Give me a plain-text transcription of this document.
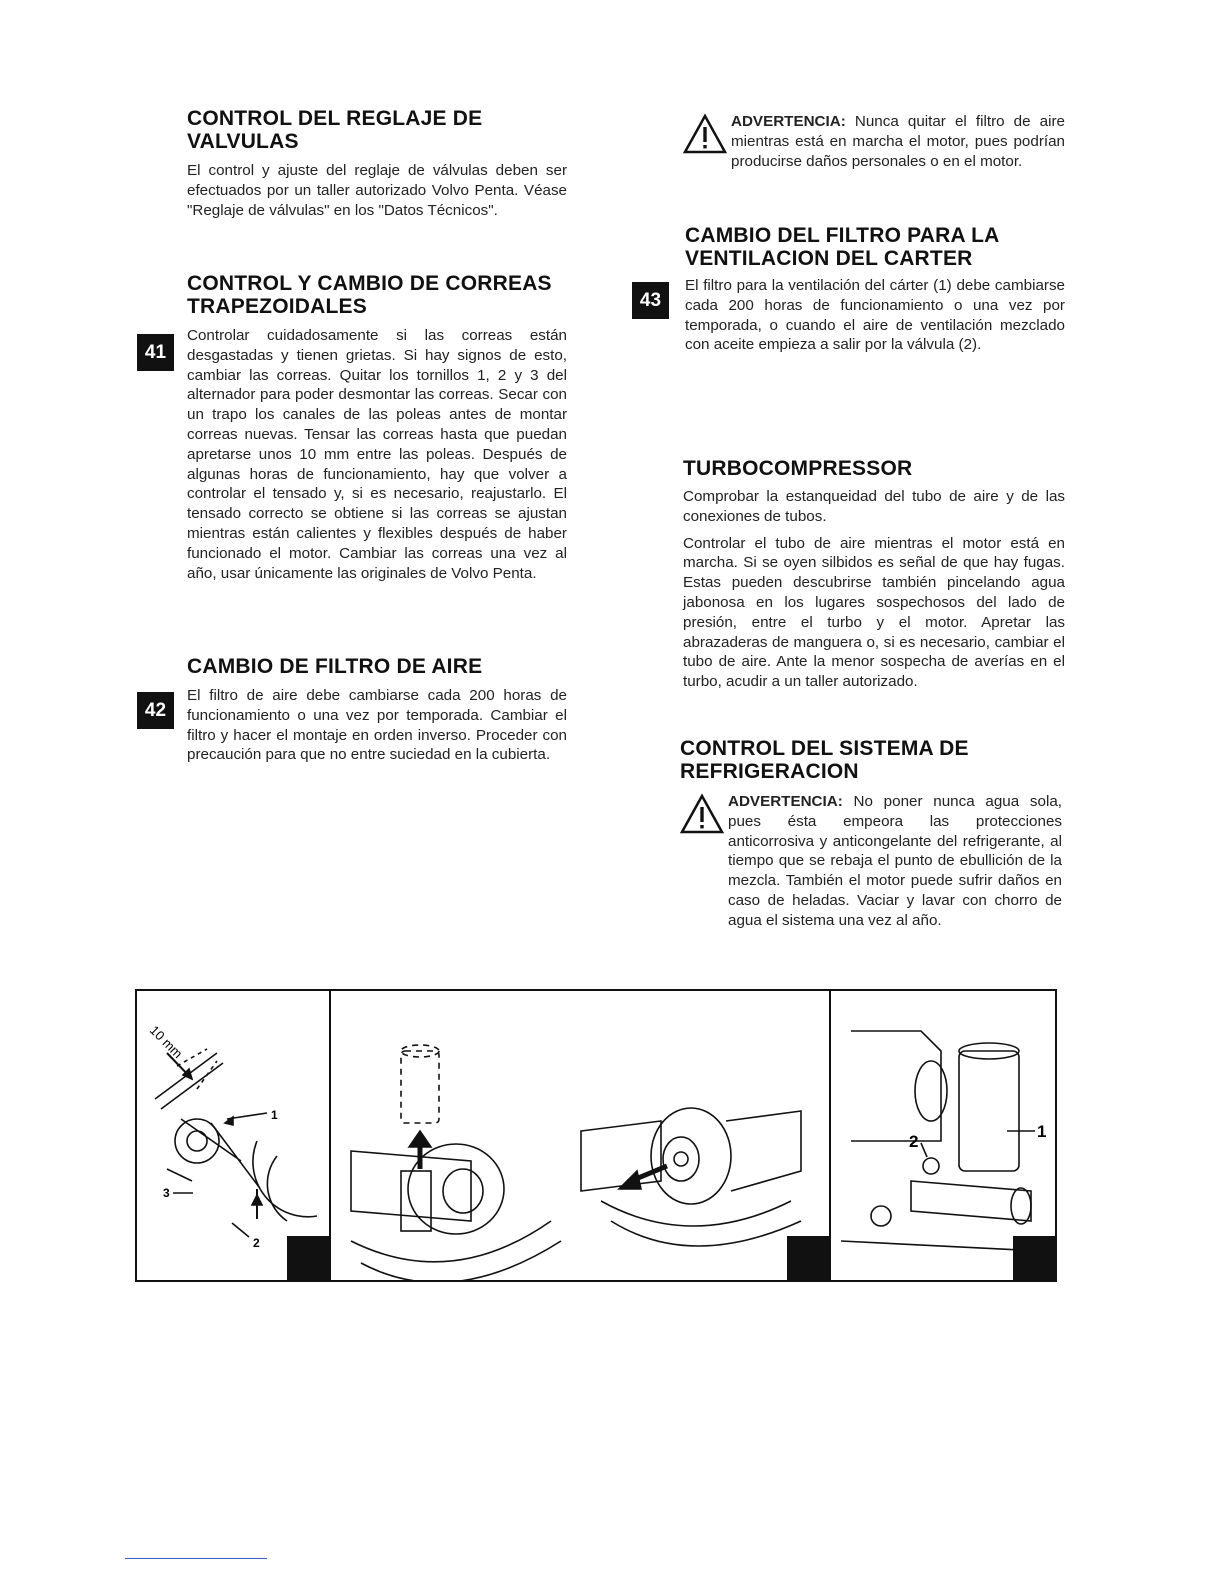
CONTROL DEL REGLAJE DE VALVULAS

El control y ajuste del reglaje de válvulas deben ser efectuados por un taller autorizado Volvo Penta. Véase "Reglaje de válvulas" en los "Datos Técnicos".

CONTROL Y CAMBIO DE CORREAS TRAPEZOIDALES

Controlar cuidadosamente si las correas están desgastadas y tienen grietas. Si hay signos de esto, cambiar las correas. Quitar los tornillos 1, 2 y 3 del alternador para poder desmontar las correas. Secar con un trapo los canales de las poleas antes de montar correas nuevas. Tensar las correas hasta que puedan apretarse unos 10 mm entre las poleas. Después de algunas horas de funcionamiento, hay que volver a controlar el tensado y, si es necesario, reajustarlo. El tensado correcto se obtiene si las correas se ajustan mientras están calientes y flexibles después de haber funcionado el motor. Cambiar las correas una vez al año, usar únicamente las originales de Volvo Penta.

41
CAMBIO DE FILTRO DE AIRE

El filtro de aire debe cambiarse cada 200 horas de funcionamiento o una vez por temporada. Cambiar el filtro y hacer el montaje en orden inverso. Proceder con precaución para que no entre suciedad en la cubierta.

42

ADVERTENCIA: Nunca quitar el filtro de aire mientras está en marcha el motor, pues podrían producirse daños personales o en el motor.

CAMBIO DEL FILTRO PARA LA VENTILACION DEL CARTER

El filtro para la ventilación del cárter (1) debe cambiarse cada 200 horas de funcionamiento o una vez por temporada, o cuando el aire de ventilación mezclado con aceite empieza a salir por la válvula (2).

43
TURBOCOMPRESSOR

Comprobar la estanqueidad del tubo de aire y de las conexiones de tubos.

Controlar el tubo de aire mientras el motor está en marcha. Si se oyen silbidos es señal de que hay fugas. Estas pueden descubrirse también pincelando agua jabonosa en los lugares sospechosos del lado de presión, entre el turbo y el motor. Apretar las abrazaderas de manguera o, si es necesario, cambiar el tubo de aire. Ante la menor sospecha de averías en el turbo, acudir a un taller autorizado.

CONTROL DEL SISTEMA DE REFRIGERACION

ADVERTENCIA: No poner nunca agua sola, pues ésta empeora las protecciones anticorrosiva y anticongelante del refrigerante, al tiempo que se rebaja el punto de ebullición de la mezcla. También el motor puede sufrir daños en caso de heladas. Vaciar y lavar con chorro de agua el sistema una vez al año.

10 mm
1
3
2
1
2
